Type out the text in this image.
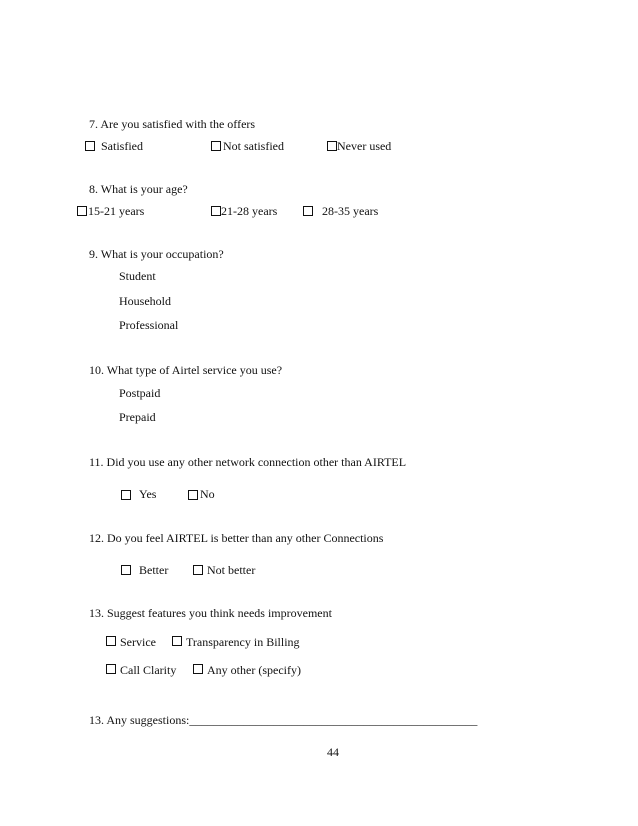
7. Are you satisfied with the offers
Satisfied	Not satisfied	Never used
8. What is your age?
15-21 years	21-28 years	28-35 years
9. What is your occupation?
Student
Household
Professional
10. What type of Airtel service you use?
Postpaid
Prepaid
11. Did you use any other network connection other than AIRTEL
Yes	No
12. Do you feel AIRTEL is better than any other Connections
Better	Not better
13. Suggest features you think needs improvement
Service	Transparency in Billing
Call Clarity	Any other (specify)
13. Any suggestions:________________________________________________
44
